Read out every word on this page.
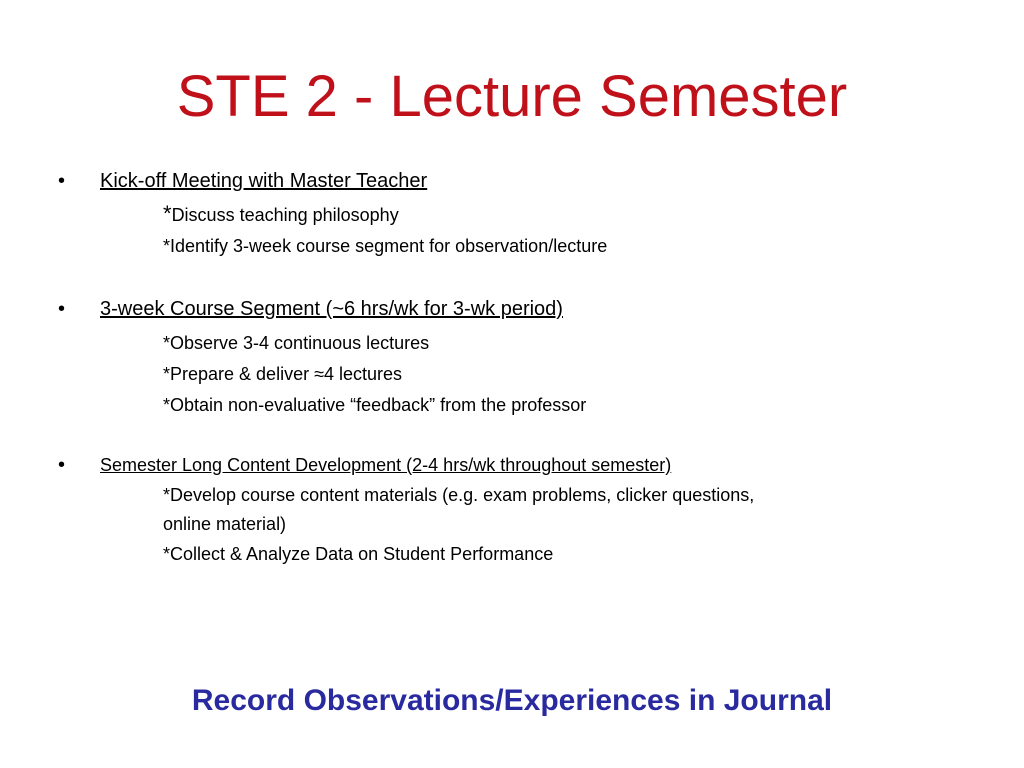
STE 2 - Lecture Semester
• Kick-off Meeting with Master Teacher
*Discuss teaching philosophy
*Identify 3-week course segment for observation/lecture
• 3-week Course Segment (~6 hrs/wk for 3-wk period)
*Observe 3-4 continuous lectures
*Prepare & deliver ≈4 lectures
*Obtain non-evaluative “feedback” from the professor
• Semester Long Content Development (2-4 hrs/wk throughout semester)
*Develop course content materials (e.g. exam problems, clicker questions,
online material)
*Collect & Analyze Data on Student Performance
Record Observations/Experiences in Journal
